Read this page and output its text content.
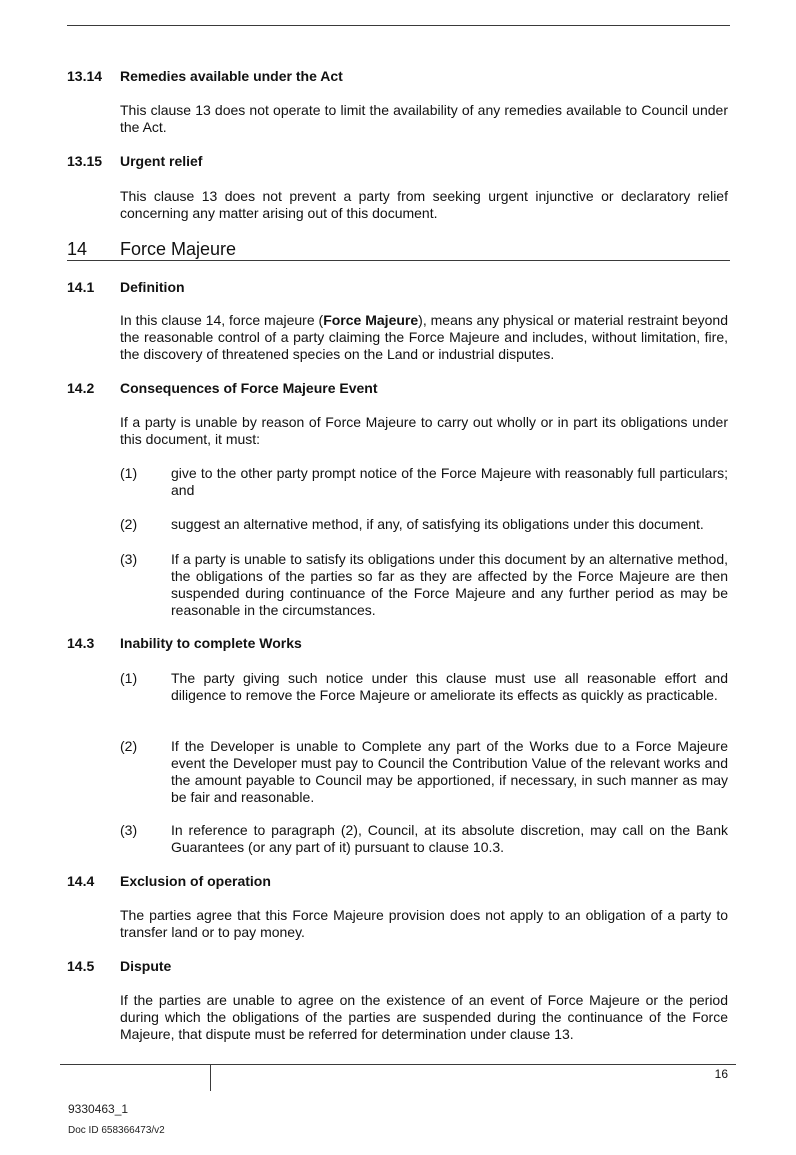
13.14 Remedies available under the Act

This clause 13 does not operate to limit the availability of any remedies available to Council under the Act.

13.15 Urgent relief

This clause 13 does not prevent a party from seeking urgent injunctive or declaratory relief concerning any matter arising out of this document.

14 Force Majeure
14.1 Definition

In this clause 14, force majeure (Force Majeure), means any physical or material restraint beyond the reasonable control of a party claiming the Force Majeure and includes, without limitation, fire, the discovery of threatened species on the Land or industrial disputes.

14.2 Consequences of Force Majeure Event

If a party is unable by reason of Force Majeure to carry out wholly or in part its obligations under this document, it must:

(1) give to the other party prompt notice of the Force Majeure with reasonably full particulars; and

(2) suggest an alternative method, if any, of satisfying its obligations under this document.

(3) If a party is unable to satisfy its obligations under this document by an alternative method, the obligations of the parties so far as they are affected by the Force Majeure are then suspended during continuance of the Force Majeure and any further period as may be reasonable in the circumstances.

14.3 Inability to complete Works
(1) The party giving such notice under this clause must use all reasonable effort and diligence to remove the Force Majeure or ameliorate its effects as quickly as practicable.

(2) If the Developer is unable to Complete any part of the Works due to a Force Majeure event the Developer must pay to Council the Contribution Value of the relevant works and the amount payable to Council may be apportioned, if necessary, in such manner as may be fair and reasonable.

(3) In reference to paragraph (2), Council, at its absolute discretion, may call on the Bank Guarantees (or any part of it) pursuant to clause 10.3.

14.4 Exclusion of operation

The parties agree that this Force Majeure provision does not apply to an obligation of a party to transfer land or to pay money.

14.5 Dispute

If the parties are unable to agree on the existence of an event of Force Majeure or the period during which the obligations of the parties are suspended during the continuance of the Force Majeure, that dispute must be referred for determination under clause 13.

16
9330463_1
Doc ID 658366473/v2
